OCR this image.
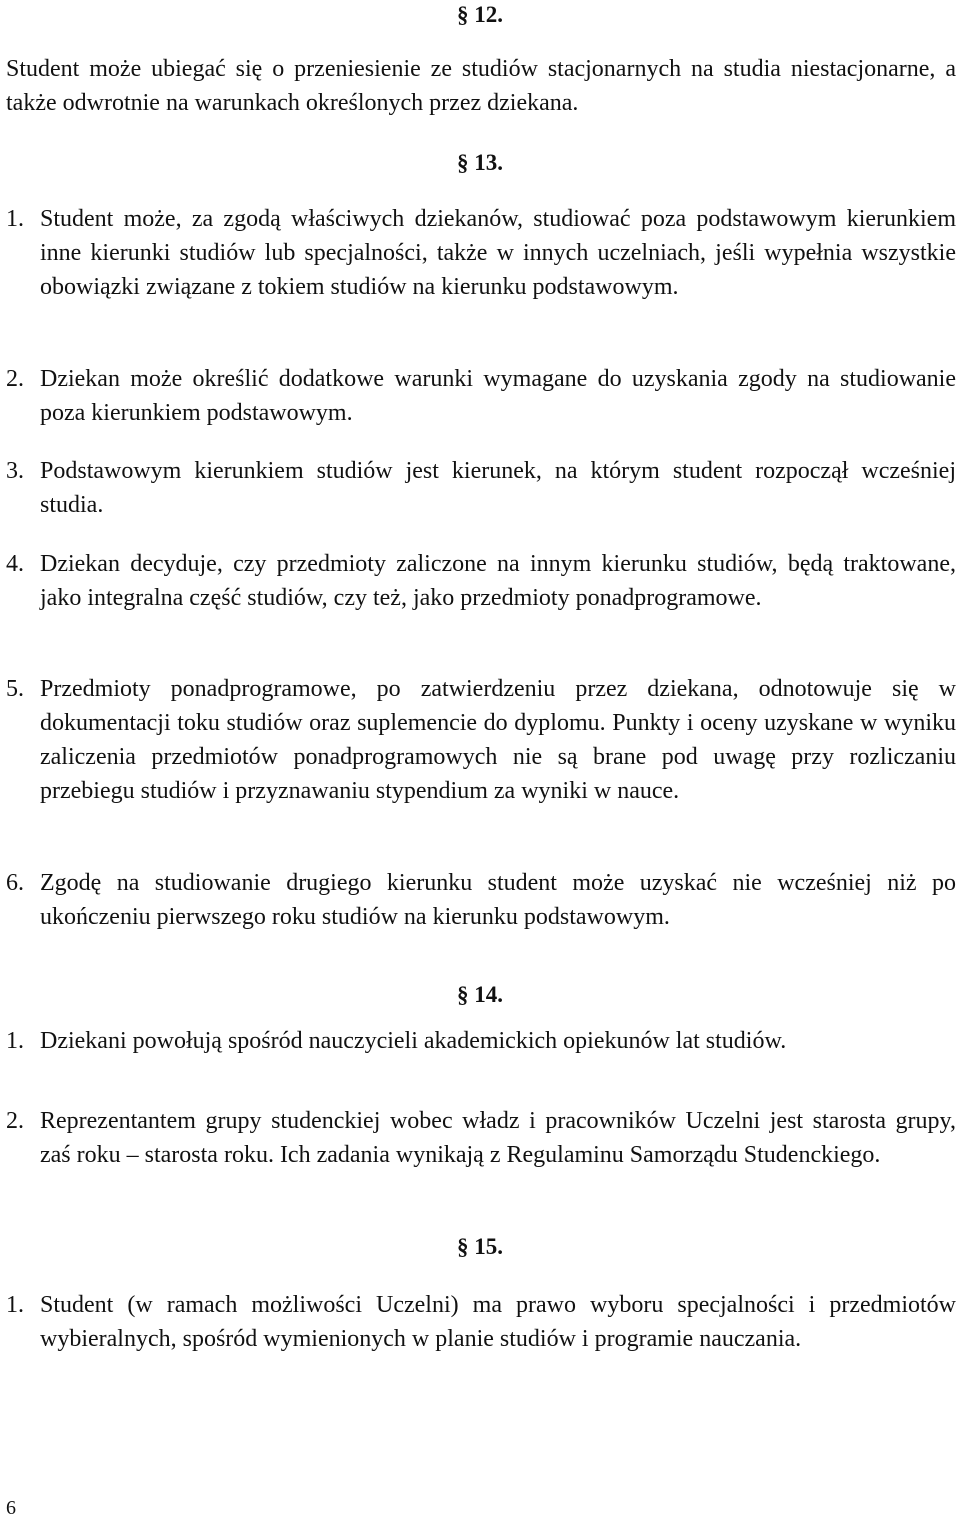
§ 12.
Student może ubiegać się o przeniesienie ze studiów stacjonarnych na studia niestacjonarne, a także odwrotnie na warunkach określonych przez dziekana.
§ 13.
1. Student może, za zgodą właściwych dziekanów, studiować poza podstawowym kierunkiem inne kierunki studiów lub specjalności, także w innych uczelniach, jeśli wypełnia wszystkie obowiązki związane z tokiem studiów na kierunku podstawowym.
2. Dziekan może określić dodatkowe warunki wymagane do uzyskania zgody na studiowanie poza kierunkiem podstawowym.
3. Podstawowym kierunkiem studiów jest kierunek, na którym student rozpoczął wcześniej studia.
4. Dziekan decyduje, czy przedmioty zaliczone na innym kierunku studiów, będą traktowane, jako integralna część studiów, czy też, jako przedmioty ponadprogramowe.
5. Przedmioty ponadprogramowe, po zatwierdzeniu przez dziekana, odnotowuje się w dokumentacji toku studiów oraz suplemencie do dyplomu. Punkty i oceny uzyskane w wyniku zaliczenia przedmiotów ponadprogramowych nie są brane pod uwagę przy rozliczaniu przebiegu studiów i przyznawaniu stypendium za wyniki w nauce.
6. Zgodę na studiowanie drugiego kierunku student może uzyskać nie wcześniej niż po ukończeniu pierwszego roku studiów na kierunku podstawowym.
§ 14.
1. Dziekani powołują spośród nauczycieli akademickich opiekunów lat studiów.
2. Reprezentantem grupy studenckiej wobec władz i pracowników Uczelni jest starosta grupy, zaś roku – starosta roku. Ich zadania wynikają z Regulaminu Samorządu Studenckiego.
§ 15.
1. Student (w ramach możliwości Uczelni) ma prawo wyboru specjalności i przedmiotów wybieralnych, spośród wymienionych w planie studiów i programie nauczania.
6
